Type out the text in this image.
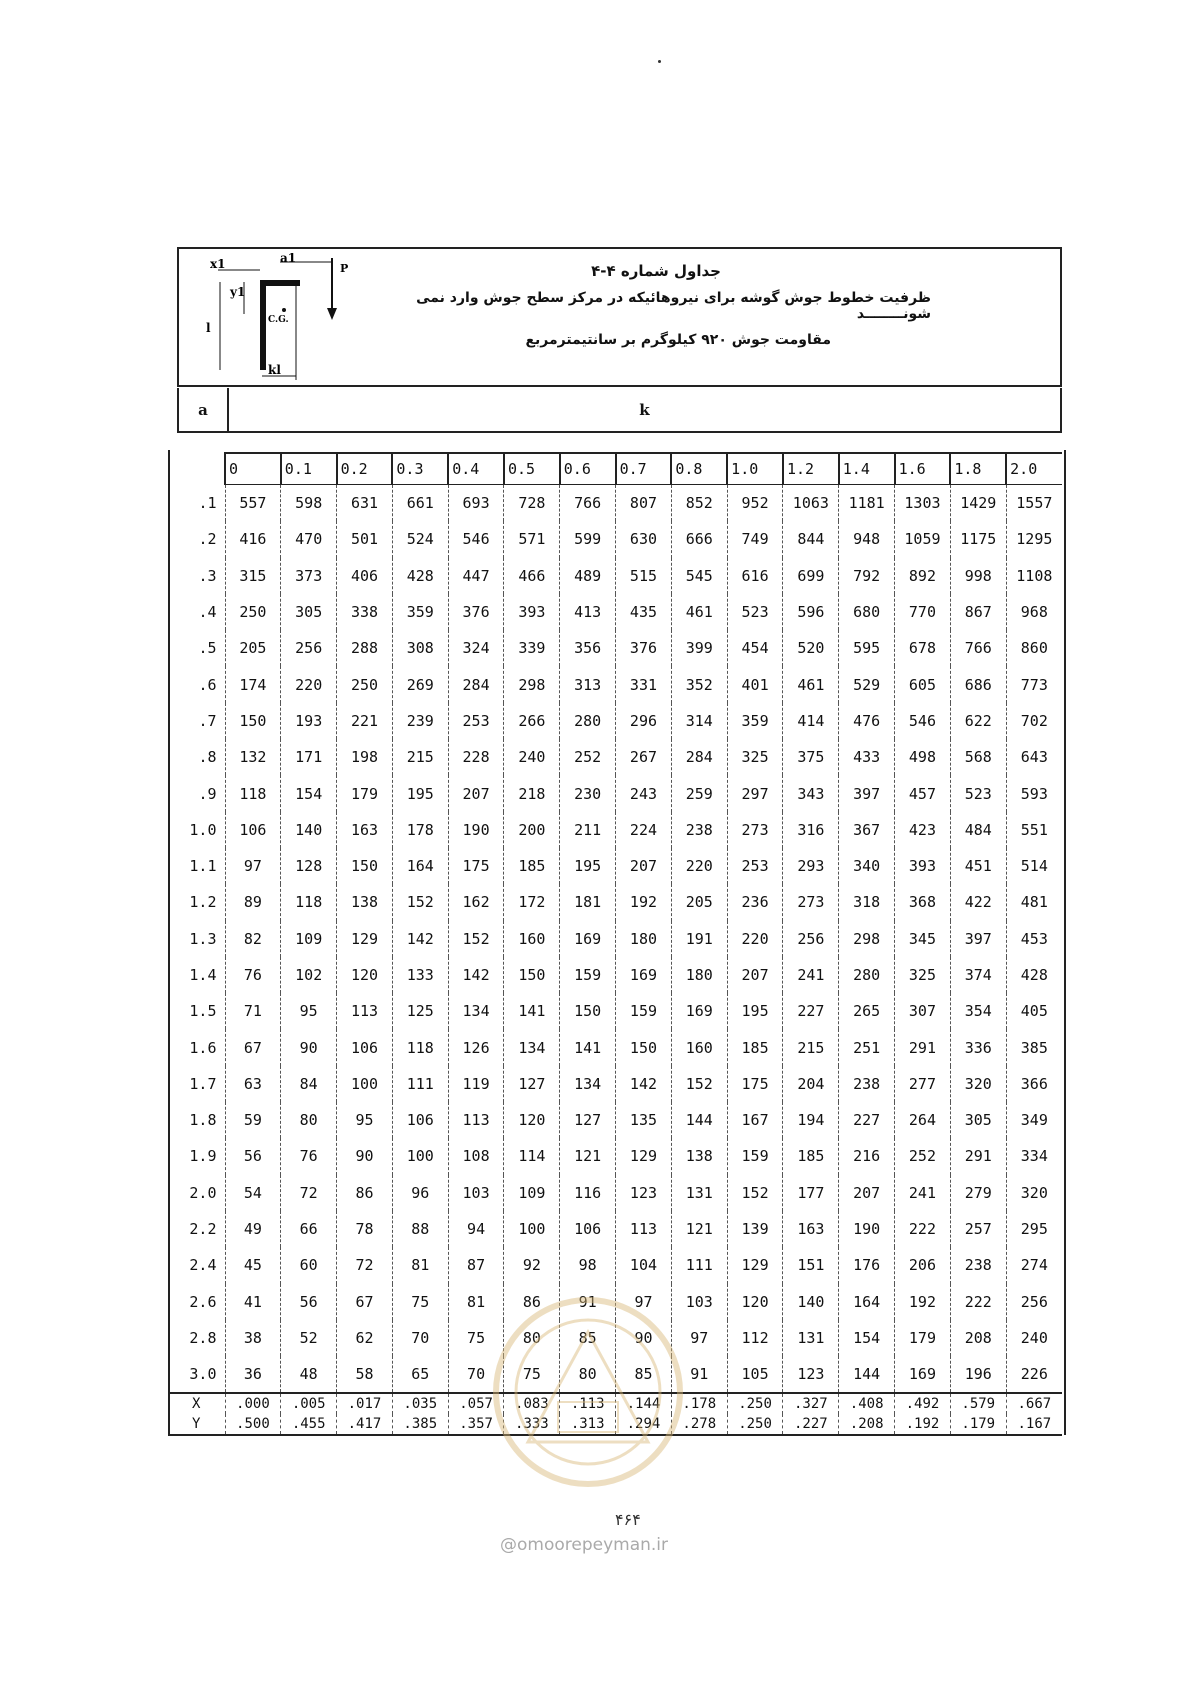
x1	a1
P
y1
l
C.G.
kl
جداول شماره ۴-۴
ظرفیت خطوط جوش گوشه برای نیروهائیکه در مرکز سطح جوش وارد نمی شونــــــــد
مقاومت جوش ۹۲۰ کیلوگرم بر سانتیمترمربع
a	k
	0	0.1	0.2	0.3	0.4	0.5	0.6	0.7	0.8	1.0	1.2	1.4	1.6	1.8	2.0
.1	557	598	631	661	693	728	766	807	852	952	1063	1181	1303	1429	1557
.2	416	470	501	524	546	571	599	630	666	749	844	948	1059	1175	1295
.3	315	373	406	428	447	466	489	515	545	616	699	792	892	998	1108
.4	250	305	338	359	376	393	413	435	461	523	596	680	770	867	968
.5	205	256	288	308	324	339	356	376	399	454	520	595	678	766	860
.6	174	220	250	269	284	298	313	331	352	401	461	529	605	686	773
.7	150	193	221	239	253	266	280	296	314	359	414	476	546	622	702
.8	132	171	198	215	228	240	252	267	284	325	375	433	498	568	643
.9	118	154	179	195	207	218	230	243	259	297	343	397	457	523	593
1.0	106	140	163	178	190	200	211	224	238	273	316	367	423	484	551
1.1	97	128	150	164	175	185	195	207	220	253	293	340	393	451	514
1.2	89	118	138	152	162	172	181	192	205	236	273	318	368	422	481
1.3	82	109	129	142	152	160	169	180	191	220	256	298	345	397	453
1.4	76	102	120	133	142	150	159	169	180	207	241	280	325	374	428
1.5	71	95	113	125	134	141	150	159	169	195	227	265	307	354	405
1.6	67	90	106	118	126	134	141	150	160	185	215	251	291	336	385
1.7	63	84	100	111	119	127	134	142	152	175	204	238	277	320	366
1.8	59	80	95	106	113	120	127	135	144	167	194	227	264	305	349
1.9	56	76	90	100	108	114	121	129	138	159	185	216	252	291	334
2.0	54	72	86	96	103	109	116	123	131	152	177	207	241	279	320
2.2	49	66	78	88	94	100	106	113	121	139	163	190	222	257	295
2.4	45	60	72	81	87	92	98	104	111	129	151	176	206	238	274
2.6	41	56	67	75	81	86	91	97	103	120	140	164	192	222	256
2.8	38	52	62	70	75	80	85	90	97	112	131	154	179	208	240
3.0	36	48	58	65	70	75	80	85	91	105	123	144	169	196	226
X	.000	.005	.017	.035	.057	.083	.113	.144	.178	.250	.327	.408	.492	.579	.667
Y	.500	.455	.417	.385	.357	.333	.313	.294	.278	.250	.227	.208	.192	.179	.167
۴۶۴
@omoorepeyman.ir
